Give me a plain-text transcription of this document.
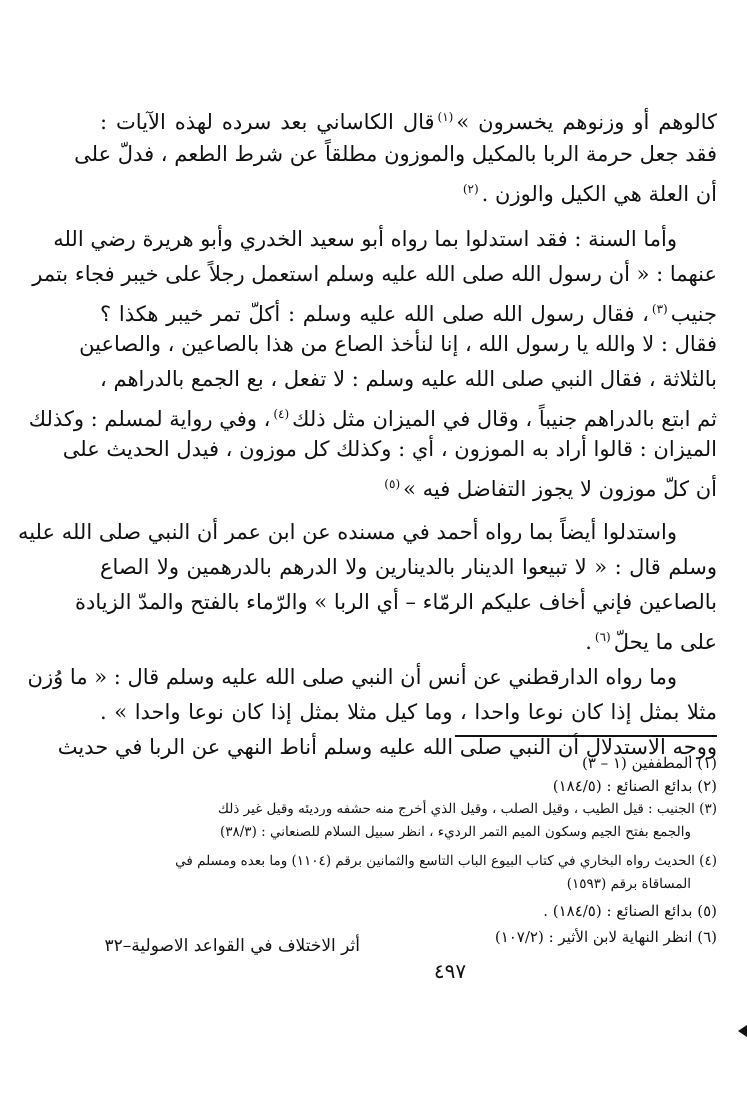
كالوهم أو وزنوهم يخسرون »$^{(١)}$قال الكاساني بعد سرده لهذه الآيات :
فقد جعل حرمة الربا بالمكيل والموزون مطلقاً عن شرط الطعم ، فدلّ على
أن العلة هي الكيل والوزن .$^{(٢)}$
وأما السنة : فقد استدلوا بما رواه أبو سعيد الخدري وأبو هريرة رضي الله
عنهما : « أن رسول الله صلى الله عليه وسلم استعمل رجلاً على خيبر فجاء بتمر
جنيب$^{(٣)}$، فقال رسول الله صلى الله عليه وسلم : أكلّ تمر خيبر هكذا ؟
فقال : لا والله يا رسول الله ، إنا لنأخذ الصاع من هذا بالصاعين ، والصاعين
بالثلاثة ، فقال النبي صلى الله عليه وسلم : لا تفعل ، بع الجمع بالدراهم ،
ثم ابتع بالدراهم جنيباً ، وقال في الميزان مثل ذلك$^{(٤)}$، وفي رواية لمسلم : وكذلك
الميزان : قالوا أراد به الموزون ، أي : وكذلك كل موزون ، فيدل الحديث على
أن كلّ موزون لا يجوز التفاضل فيه »$^{(٥)}$
واستدلوا أيضاً بما رواه أحمد في مسنده عن ابن عمر أن النبي صلى الله عليه
وسلم قال : « لا تبيعوا الدينار بالدينارين ولا الدرهم بالدرهمين ولا الصاع
بالصاعين فإني أخاف عليكم الرمّاء – أي الربا » والرّماء بالفتح والمدّ الزيادة
على ما يحلّ$^{(٦)}$.
وما رواه الدارقطني عن أنس أن النبي صلى الله عليه وسلم قال : « ما وُزن
مثلا بمثل إذا كان نوعا واحدا ، وما كيل مثلا بمثل إذا كان نوعا واحدا » .
ووجه الاستدلال أن النبي صلى الله عليه وسلم أناط النهي عن الربا في حديث
(١) المطففين (١ – ٣)
(٢) بدائع الصنائع : (١٨٤/٥)
(٣) الجنيب : قيل الطيب ، وقيل الصلب ، وقيل الذي أخرج منه حشفه ورديئه وقيل غير ذلك
والجمع بفتح الجيم وسكون الميم التمر الرديء ، انظر سبيل السلام للصنعاني : (٣٨/٣)
(٤) الحديث رواه البخاري في كتاب البيوع الباب التاسع والثمانين برقم (١١٠٤) وما بعده ومسلم في
المساقاة برقم (١٥٩٣)
(٥) بدائع الصنائع : (١٨٤/٥) .
(٦) انظر النهاية لابن الأثير : (١٠٧/٢)
أثر الاختلاف في القواعد الاصولية–٣٢
٤٩٧
